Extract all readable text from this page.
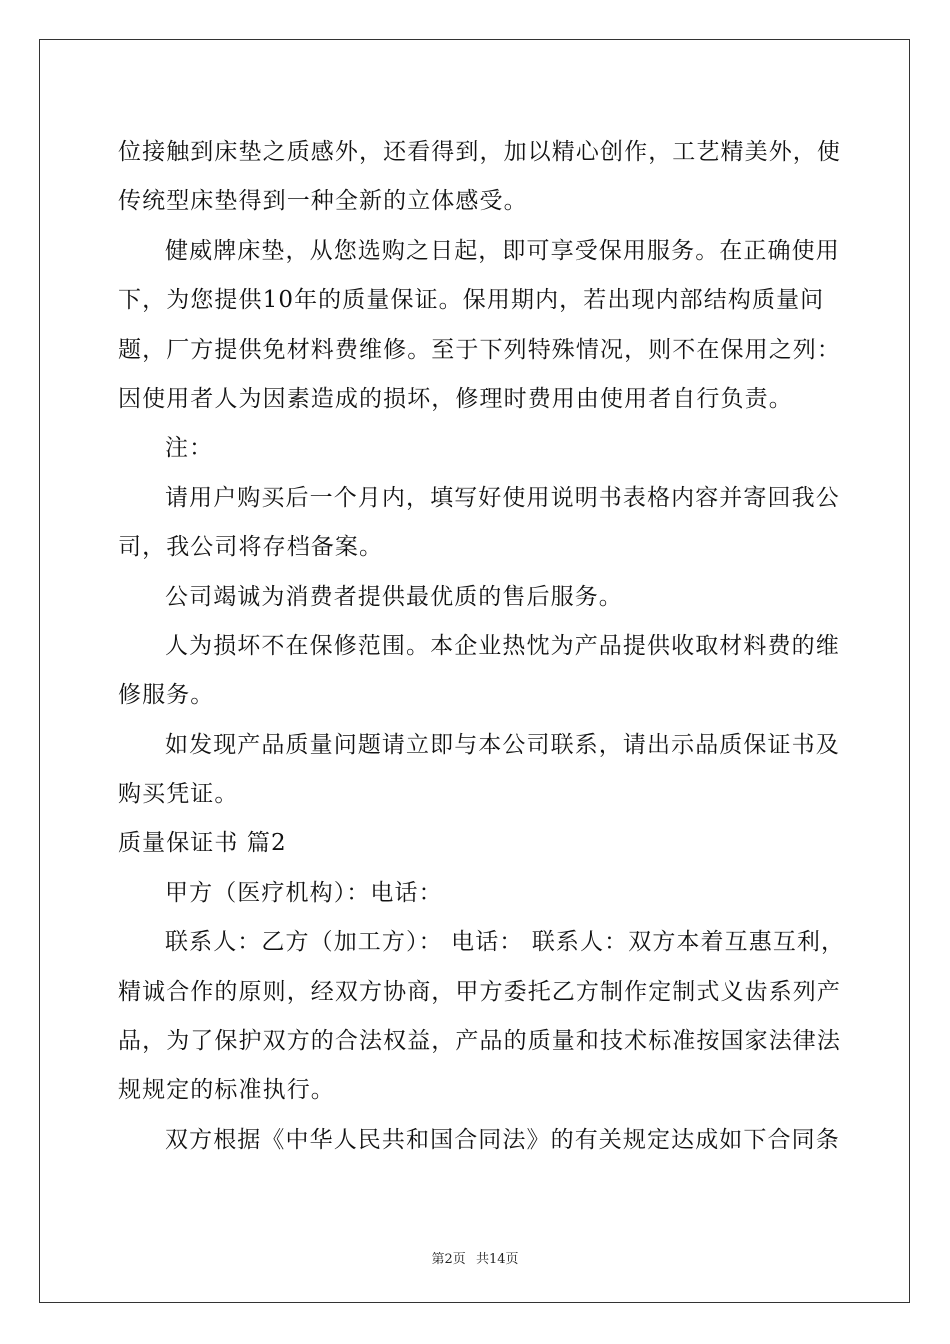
位接触到床垫之质感外，还看得到，加以精心创作，工艺精美外，使
传统型床垫得到一种全新的立体感受。
健威牌床垫，从您选购之日起，即可享受保用服务。在正确使用
下，为您提供10年的质量保证。保用期内，若出现内部结构质量问
题，厂方提供免材料费维修。至于下列特殊情况，则不在保用之列：
因使用者人为因素造成的损坏，修理时费用由使用者自行负责。
注：
请用户购买后一个月内，填写好使用说明书表格内容并寄回我公
司，我公司将存档备案。
公司竭诚为消费者提供最优质的售后服务。
人为损坏不在保修范围。本企业热忱为产品提供收取材料费的维
修服务。
如发现产品质量问题请立即与本公司联系，请出示品质保证书及
购买凭证。
质量保证书 篇2
甲方（医疗机构）：电话：
联系人：乙方（加工方）： 电话： 联系人：双方本着互惠互利，
精诚合作的原则，经双方协商，甲方委托乙方制作定制式义齿系列产
品，为了保护双方的合法权益，产品的质量和技术标准按国家法律法
规规定的标准执行。
双方根据《中华人民共和国合同法》的有关规定达成如下合同条
第2页 共14页
